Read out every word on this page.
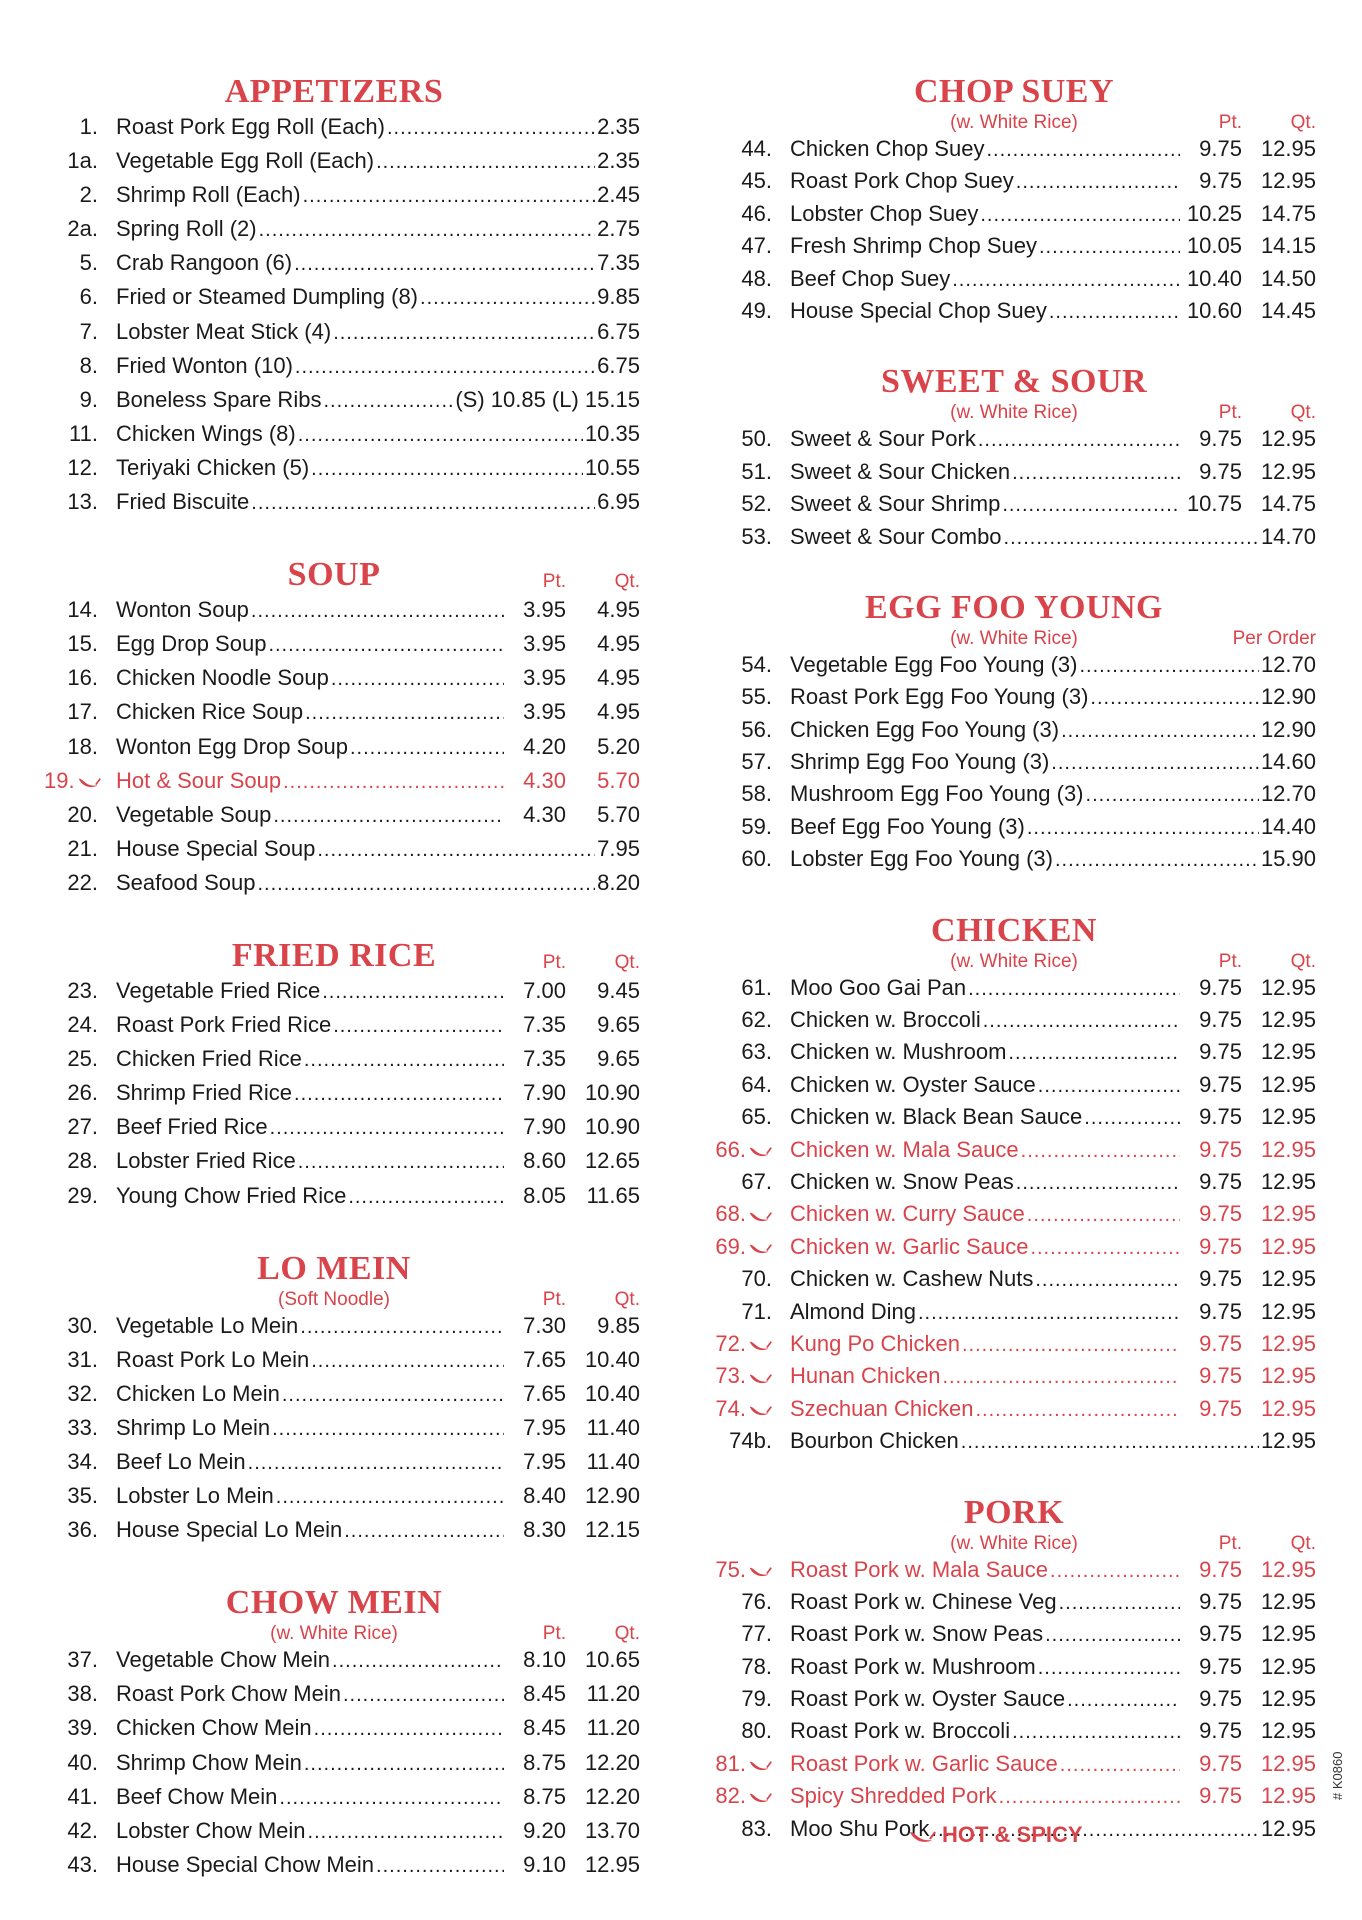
APPETIZERS
1. Roast Pork Egg Roll (Each) .....	2.35
1a. Vegetable Egg Roll (Each) .....	2.35
2. Shrimp Roll (Each) .....	2.45
2a. Spring Roll (2) .....	2.75
5. Crab Rangoon (6) .....	7.35
6. Fried or Steamed Dumpling (8) .....	9.85
7. Lobster Meat Stick (4) .....	6.75
8. Fried Wonton (10) .....	6.75
9. Boneless Spare Ribs .....	(S) 10.85 (L) 15.15
11. Chicken Wings (8) .....	10.35
12. Teriyaki Chicken (5) .....	10.55
13. Fried Biscuite .....	6.95
SOUP	Pt.	Qt.
14. Wonton Soup .....	3.95	4.95
15. Egg Drop Soup .....	3.95	4.95
16. Chicken Noodle Soup .....	3.95	4.95
17. Chicken Rice Soup .....	3.95	4.95
18. Wonton Egg Drop Soup .....	4.20	5.20
19.	Hot & Sour Soup .....	4.30	5.70
20. Vegetable Soup .....	4.30	5.70
21. House Special Soup .....	7.95
22. Seafood Soup .....	8.20
FRIED RICE	Pt.	Qt.
23. Vegetable Fried Rice .....	7.00	9.45
24. Roast Pork Fried Rice .....	7.35	9.65
25. Chicken Fried Rice .....	7.35	9.65
26. Shrimp Fried Rice .....	7.90 10.90
27. Beef Fried Rice .....	7.90 10.90
28. Lobster Fried Rice .....	8.60 12.65
29. Young Chow Fried Rice .....	8.05 11.65
LO MEIN
(Soft Noodle)	Pt.	Qt.
30. Vegetable Lo Mein .....	7.30	9.85
31. Roast Pork Lo Mein .....	7.65 10.40
32. Chicken Lo Mein .....	7.65 10.40
33. Shrimp Lo Mein .....	7.95 11.40
34. Beef Lo Mein .....	7.95 11.40
35. Lobster Lo Mein .....	8.40 12.90
36. House Special Lo Mein .....	8.30 12.15
CHOW MEIN
(w. White Rice)	Pt.	Qt.
37. Vegetable Chow Mein .....	8.10 10.65
38. Roast Pork Chow Mein .....	8.45 11.20
39. Chicken Chow Mein .....	8.45 11.20
40. Shrimp Chow Mein .....	8.75 12.20
41. Beef Chow Mein .....	8.75 12.20
42. Lobster Chow Mein .....	9.20 13.70
43. House Special Chow Mein .....	9.10 12.95
CHOP SUEY
(w. White Rice)	Pt.	Qt.
44. Chicken Chop Suey .....	9.75 12.95
45. Roast Pork Chop Suey .....	9.75 12.95
46. Lobster Chop Suey .....	10.25 14.75
47. Fresh Shrimp Chop Suey .....	10.05 14.15
48. Beef Chop Suey .....	10.40 14.50
49. House Special Chop Suey .....	10.60 14.45
SWEET & SOUR
(w. White Rice)	Pt.	Qt.
50. Sweet & Sour Pork .....	9.75 12.95
51. Sweet & Sour Chicken .....	9.75 12.95
52. Sweet & Sour Shrimp .....	10.75 14.75
53. Sweet & Sour Combo .....	14.70
EGG FOO YOUNG
(w. White Rice)	Per Order
54. Vegetable Egg Foo Young (3) .....	12.70
55. Roast Pork Egg Foo Young (3) .....	12.90
56. Chicken Egg Foo Young (3) .....	12.90
57. Shrimp Egg Foo Young (3) .....	14.60
58. Mushroom Egg Foo Young (3) .....	12.70
59. Beef Egg Foo Young (3) .....	14.40
60. Lobster Egg Foo Young (3) .....	15.90
CHICKEN
(w. White Rice)	Pt.	Qt.
61. Moo Goo Gai Pan .....	9.75 12.95
62. Chicken w. Broccoli .....	9.75 12.95
63. Chicken w. Mushroom .....	9.75 12.95
64. Chicken w. Oyster Sauce .....	9.75 12.95
65. Chicken w. Black Bean Sauce .....	9.75 12.95
66.	Chicken w. Mala Sauce .....	9.75 12.95
67. Chicken w. Snow Peas .....	9.75 12.95
68.	Chicken w. Curry Sauce .....	9.75 12.95
69.	Chicken w. Garlic Sauce .....	9.75 12.95
70. Chicken w. Cashew Nuts .....	9.75 12.95
71. Almond Ding .....	9.75 12.95
72.	Kung Po Chicken .....	9.75 12.95
73.	Hunan Chicken .....	9.75 12.95
74.	Szechuan Chicken .....	9.75 12.95
74b. Bourbon Chicken .....	12.95
PORK
(w. White Rice)	Pt.	Qt.
75.	Roast Pork w. Mala Sauce .....	9.75 12.95
76. Roast Pork w. Chinese Veg .....	9.75 12.95
77. Roast Pork w. Snow Peas .....	9.75 12.95
78. Roast Pork w. Mushroom .....	9.75 12.95
79. Roast Pork w. Oyster Sauce .....	9.75 12.95
80. Roast Pork w. Broccoli .....	9.75 12.95
81.	Roast Pork w. Garlic Sauce .....	9.75 12.95
82.	Spicy Shredded Pork .....	9.75 12.95
83. Moo Shu Pork .....	12.95
HOT & SPICY
# K0860
